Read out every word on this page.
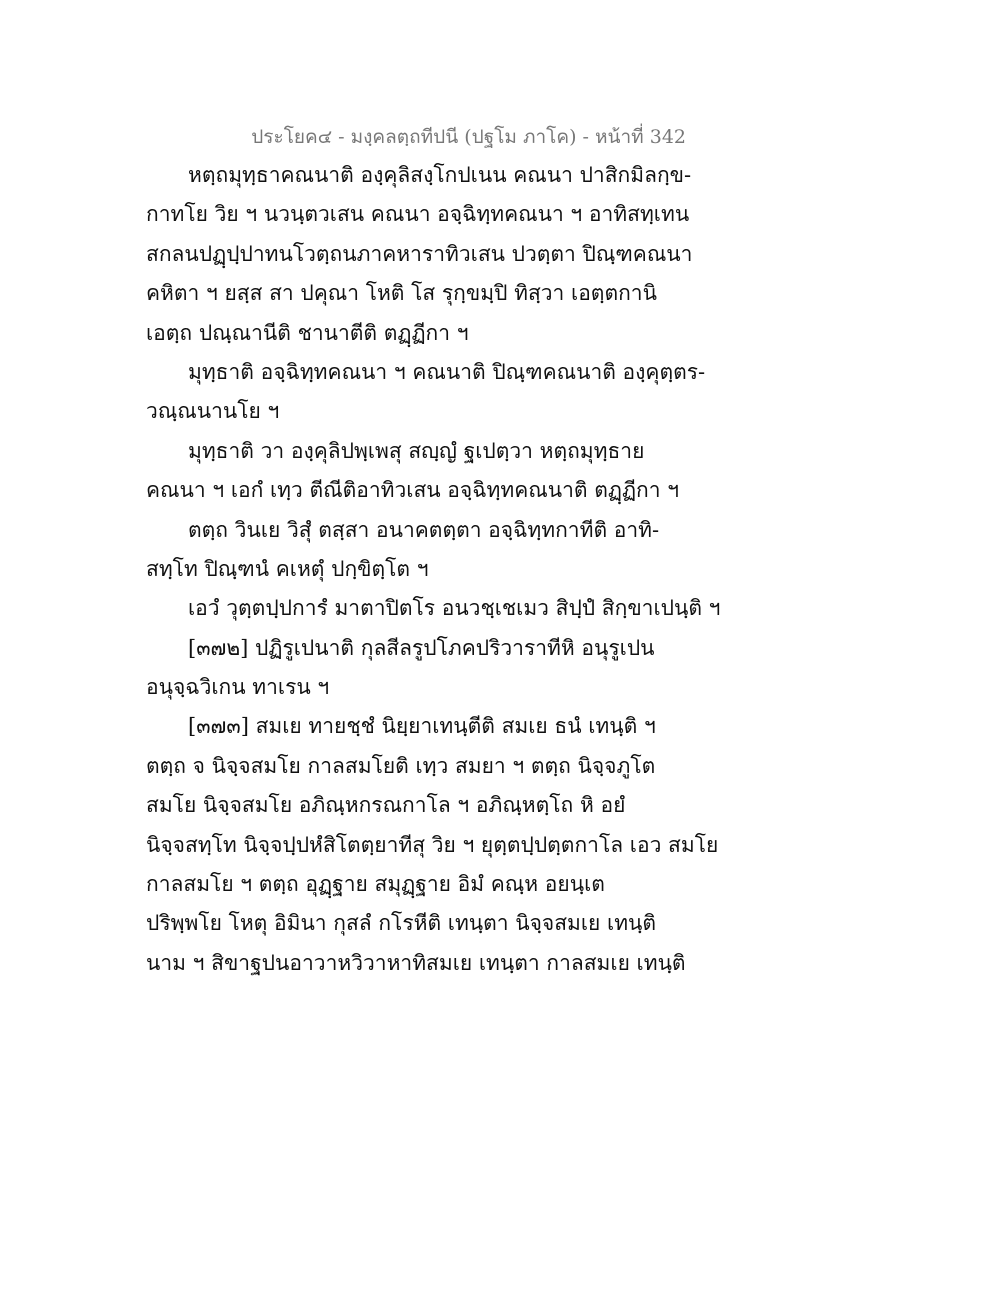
ประโยค๔ - มงฺคลตฺถทีปนี (ปฐโม ภาโค) - หน้าที่ 342
หตฺถมุทฺธาคณนาติ องฺคุลิสงฺโกปเนน คณนา ปาสิกมิลกฺข-
กาทโย วิย ฯ นวนฺตวเสน คณนา อจฺฉิทฺทคณนา ฯ อาทิสทฺเทน
สกลนปฏฺปฺปาทนโวตฺถนภาคหาราทิวเสน ปวตฺตา ปิณฺฑคณนา
คหิตา ฯ ยสฺส สา ปคุณา โหติ โส รุกฺขมฺปิ ทิสฺวา เอตฺตกานิ
เอตฺถ ปณฺณานีติ ชานาตีติ ตฏฺฏีกา ฯ
มุทฺธาติ อจฺฉิทฺทคณนา ฯ คณนาติ ปิณฺฑคณนาติ องฺคุตฺตร-
วณฺณนานโย ฯ
มุทฺธาติ วา องฺคุลิปพฺเพสุ สญฺญํ ฐเปตฺวา หตฺถมุทฺธาย
คณนา ฯ เอกํ เทฺว ตีณีติอาทิวเสน อจฺฉิทฺทคณนาติ ตฏฺฏีกา ฯ
ตตฺถ วินเย วิสุํ ตสฺสา อนาคตตฺตา อจฺฉิทฺทกาทีติ อาทิ-
สทฺโท ปิณฺฑนํ คเหตุํ ปกฺขิตฺโต ฯ
เอวํ วุตฺตปฺปการํ มาตาปิตโร อนวชฺเชเมว สิปฺปํ สิกฺขาเปนฺติ ฯ
[๓๗๒] ปฏิรูเปนาติ กุลสีลรูปโภคปริวาราทีหิ อนุรูเปน
อนุจฺฉวิเกน ทาเรน ฯ
[๓๗๓] สมเย ทายชฺชํ นิยฺยาเทนฺตีติ สมเย ธนํ เทนฺติ ฯ
ตตฺถ จ นิจฺจสมโย กาลสมโยติ เทฺว สมยา ฯ ตตฺถ นิจฺจภูโต
สมโย นิจฺจสมโย อภิณฺหกรณกาโล ฯ อภิณฺหตฺโถ หิ อยํ
นิจฺจสทฺโท นิจฺจปฺปหํสิโตตฺยาทีสุ วิย ฯ ยุตฺตปฺปตฺตกาโล เอว สมโย
กาลสมโย ฯ ตตฺถ อุฏฺฐาย สมุฏฺฐาย อิมํ คณฺห อยนฺเต
ปริพฺพโย โหตุ อิมินา กุสลํ กโรหีติ เทนฺตา นิจฺจสมเย เทนฺติ
นาม ฯ สิขาฐปนอาวาหวิวาหาทิสมเย เทนฺตา กาลสมเย เทนฺติ
